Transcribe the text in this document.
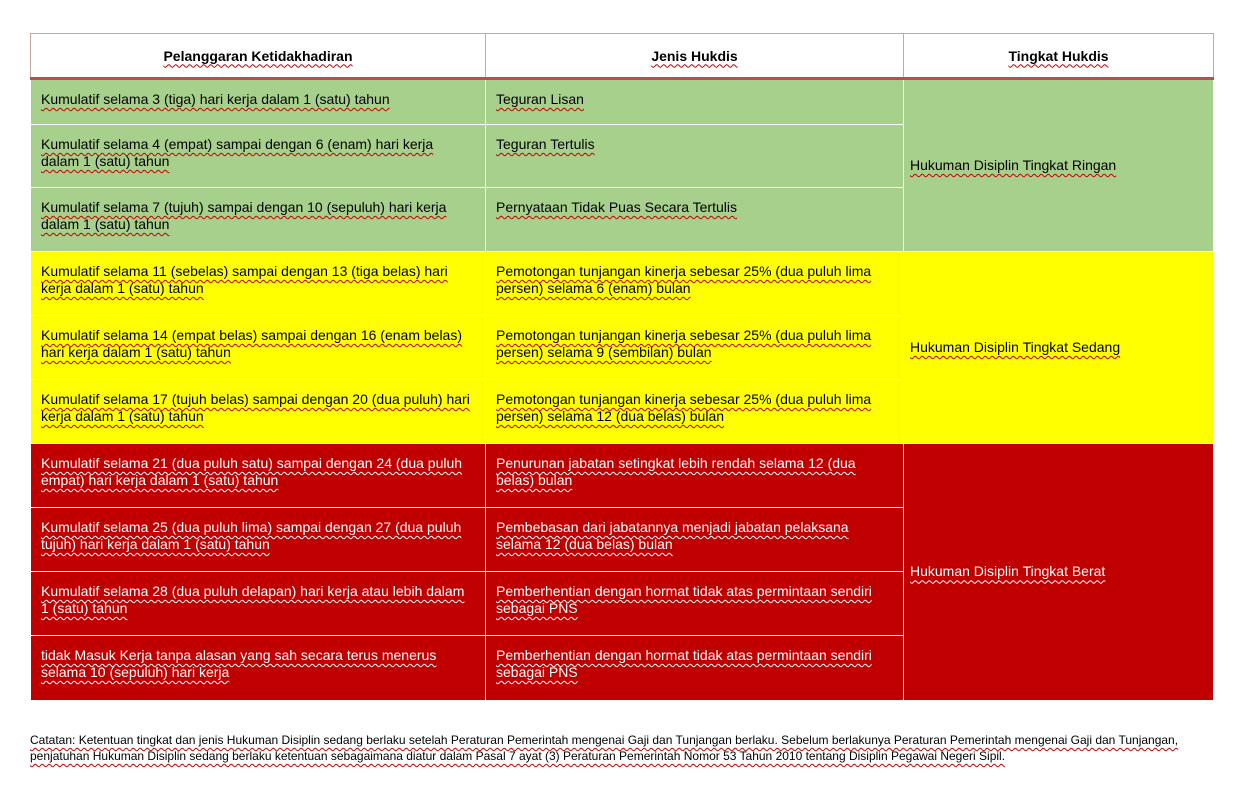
Pelanggaran Ketidakhadiran	Jenis Hukdis	Tingkat Hukdis
Kumulatif selama 3 (tiga) hari kerja dalam 1 (satu) tahun	Teguran Lisan	Hukuman Disiplin Tingkat Ringan
Kumulatif selama 4 (empat) sampai dengan 6 (enam) hari kerja dalam 1 (satu) tahun	Teguran Tertulis	
Kumulatif selama 7 (tujuh) sampai dengan 10 (sepuluh) hari kerja dalam 1 (satu) tahun	Pernyataan Tidak Puas Secara Tertulis	
Kumulatif selama 11 (sebelas) sampai dengan 13 (tiga belas) hari kerja dalam 1 (satu) tahun	Pemotongan tunjangan kinerja sebesar 25% (dua puluh lima persen) selama 6 (enam) bulan	Hukuman Disiplin Tingkat Sedang
Kumulatif selama 14 (empat belas) sampai dengan 16 (enam belas) hari kerja dalam 1 (satu) tahun	Pemotongan tunjangan kinerja sebesar 25% (dua puluh lima persen) selama 9 (sembilan) bulan	
Kumulatif selama 17 (tujuh belas) sampai dengan 20 (dua puluh) hari kerja dalam 1 (satu) tahun	Pemotongan tunjangan kinerja sebesar 25% (dua puluh lima persen) selama 12 (dua belas) bulan	
Kumulatif selama 21 (dua puluh satu) sampai dengan 24 (dua puluh empat) hari kerja dalam 1 (satu) tahun	Penurunan jabatan setingkat lebih rendah selama 12 (dua belas) bulan	Hukuman Disiplin Tingkat Berat
Kumulatif selama 25 (dua puluh lima) sampai dengan 27 (dua puluh tujuh) hari kerja dalam 1 (satu) tahun	Pembebasan dari jabatannya menjadi jabatan pelaksana selama 12 (dua belas) bulan	
Kumulatif selama 28 (dua puluh delapan) hari kerja atau lebih dalam 1 (satu) tahun	Pemberhentian dengan hormat tidak atas permintaan sendiri sebagai PNS	
tidak Masuk Kerja tanpa alasan yang sah secara terus menerus selama 10 (sepuluh) hari kerja	Pemberhentian dengan hormat tidak atas permintaan sendiri sebagai PNS	
Catatan: Ketentuan tingkat dan jenis Hukuman Disiplin sedang berlaku setelah Peraturan Pemerintah mengenai Gaji dan Tunjangan berlaku. Sebelum berlakunya Peraturan Pemerintah mengenai Gaji dan Tunjangan, penjatuhan Hukuman Disiplin sedang berlaku ketentuan sebagaimana diatur dalam Pasal 7 ayat (3) Peraturan Pemerintah Nomor 53 Tahun 2010 tentang Disiplin Pegawai Negeri Sipil.
